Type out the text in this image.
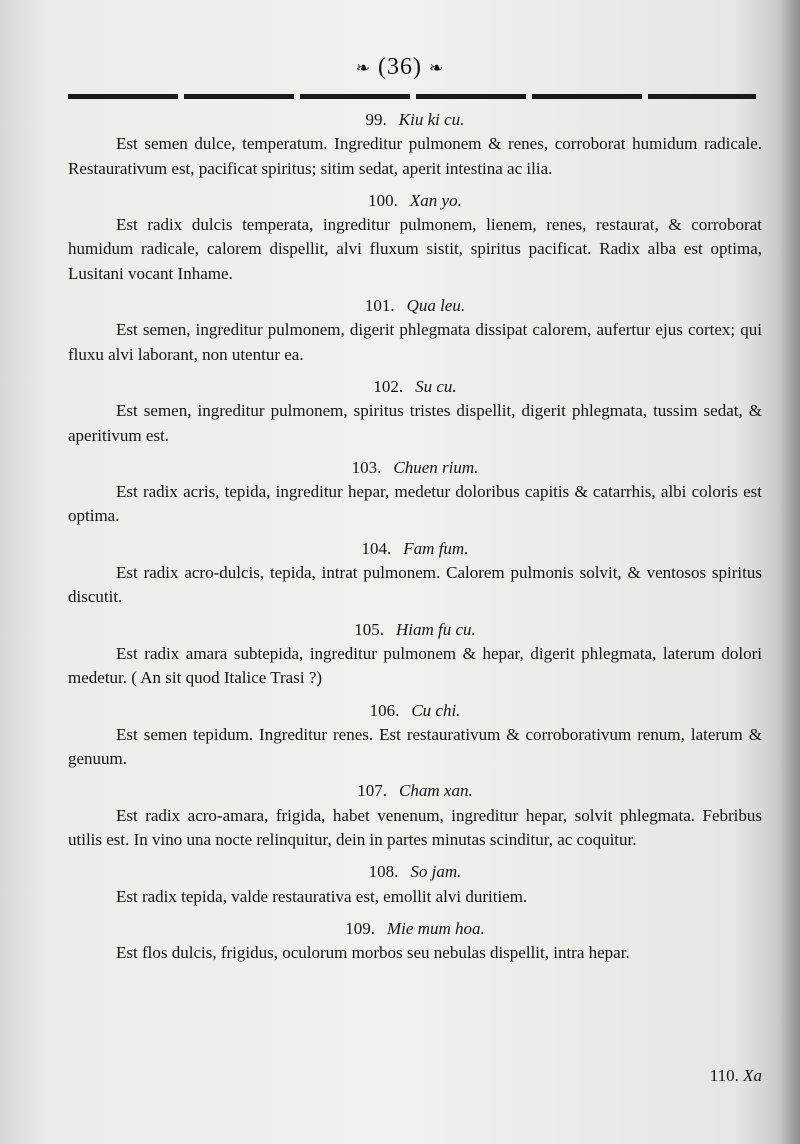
❧ (36) ❧

99. Kiu ki cu.

Est semen dulce, temperatum. Ingreditur pulmonem & renes, corroborat humidum radicale. Restaurativum est, pacificat spiritus; sitim sedat, aperit intestina ac ilia.

100. Xan yo.

Est radix dulcis temperata, ingreditur pulmonem, lienem, renes, restaurat, & corroborat humidum radicale, calorem dispellit, alvi fluxum sistit, spiritus pacificat. Radix alba est optima, Lusitani vocant Inhame.

101. Qua leu.

Est semen, ingreditur pulmonem, digerit phlegmata dissipat calorem, aufertur ejus cortex; qui fluxu alvi laborant, non utentur ea.

102. Su cu.

Est semen, ingreditur pulmonem, spiritus tristes dispellit, digerit phlegmata, tussim sedat, & aperitivum est.

103. Chuen rium.

Est radix acris, tepida, ingreditur hepar, medetur doloribus capitis & catarrhis, albi coloris est optima.

104. Fam fum.

Est radix acro-dulcis, tepida, intrat pulmonem. Calorem pulmonis solvit, & ventosos spiritus discutit.

105. Hiam fu cu.

Est radix amara subtepida, ingreditur pulmonem & hepar, digerit phlegmata, laterum dolori medetur. ( An sit quod Italice Trasi ?)

106. Cu chi.

Est semen tepidum. Ingreditur renes. Est restaurativum & corroborativum renum, laterum & genuum.

107. Cham xan.

Est radix acro-amara, frigida, habet venenum, ingreditur hepar, solvit phlegmata. Febribus utilis est. In vino una nocte relinquitur, dein in partes minutas scinditur, ac coquitur.

108. So jam.

Est radix tepida, valde restaurativa est, emollit alvi duritiem.

109. Mie mum hoa.

Est flos dulcis, frigidus, oculorum morbos seu nebulas dispellit, intra hepar.

110. Xa
